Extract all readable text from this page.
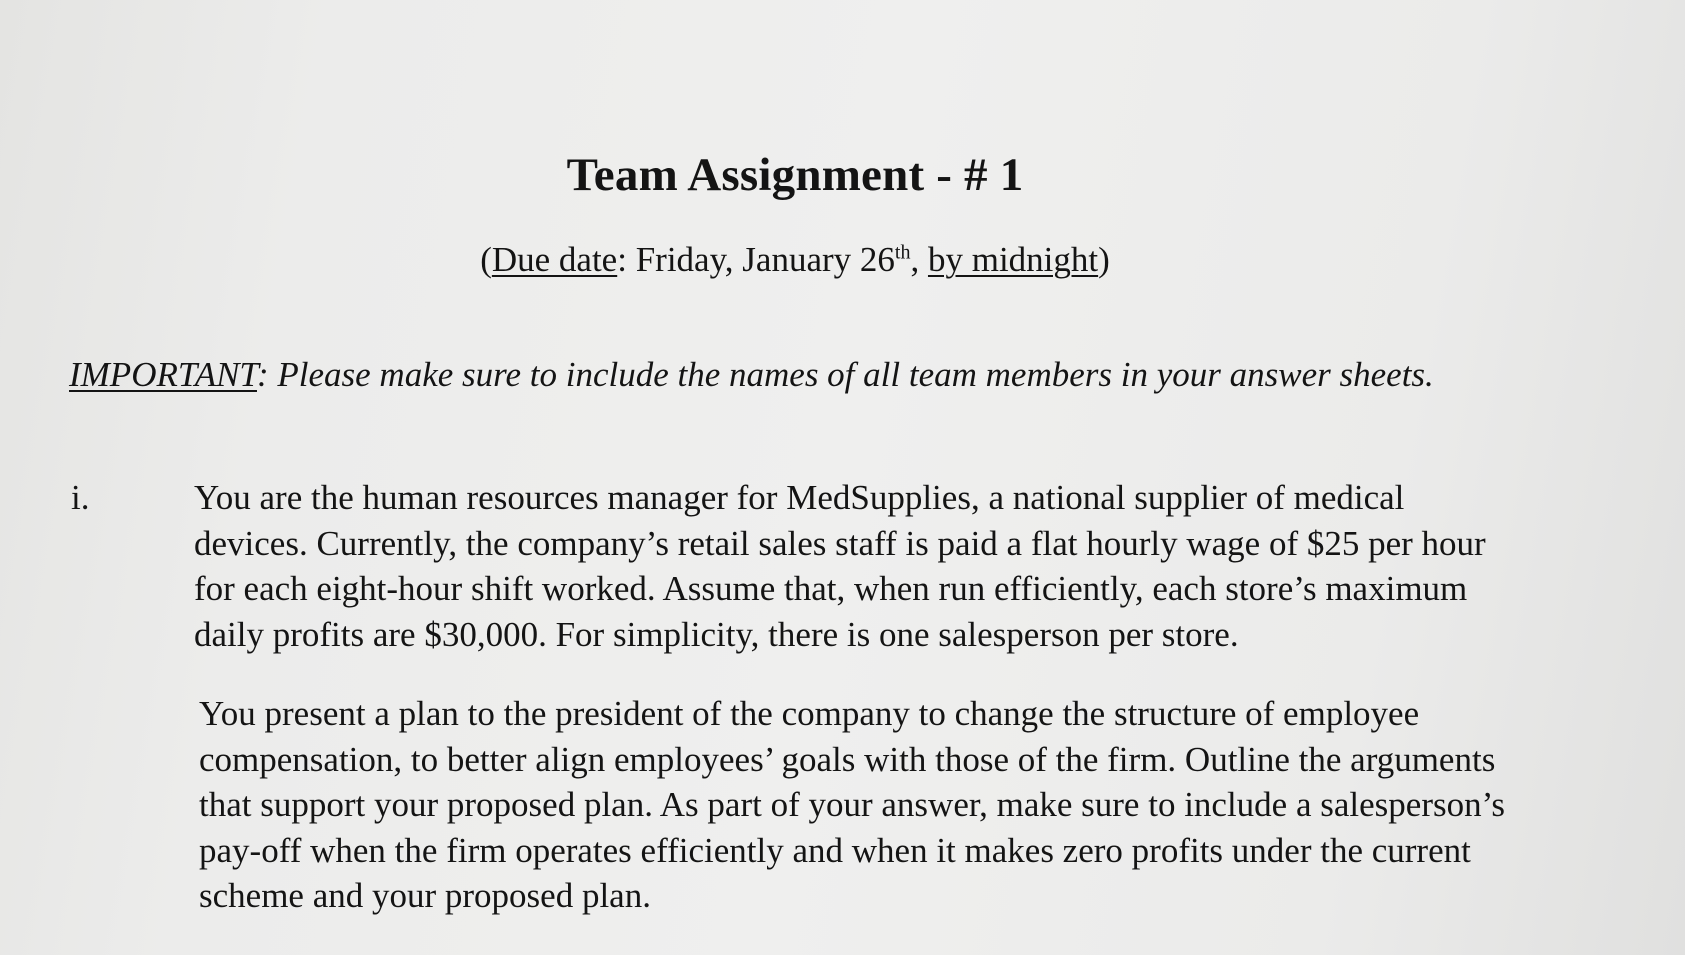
Team Assignment - # 1
(Due date: Friday, January 26th, by midnight)
IMPORTANT: Please make sure to include the names of all team members in your answer sheets.
i.	You are the human resources manager for MedSupplies, a national supplier of medical
devices. Currently, the company’s retail sales staff is paid a flat hourly wage of $25 per hour
for each eight-hour shift worked. Assume that, when run efficiently, each store’s maximum
daily profits are $30,000. For simplicity, there is one salesperson per store.
You present a plan to the president of the company to change the structure of employee
compensation, to better align employees’ goals with those of the firm. Outline the arguments
that support your proposed plan. As part of your answer, make sure to include a salesperson’s
pay-off when the firm operates efficiently and when it makes zero profits under the current
scheme and your proposed plan.
